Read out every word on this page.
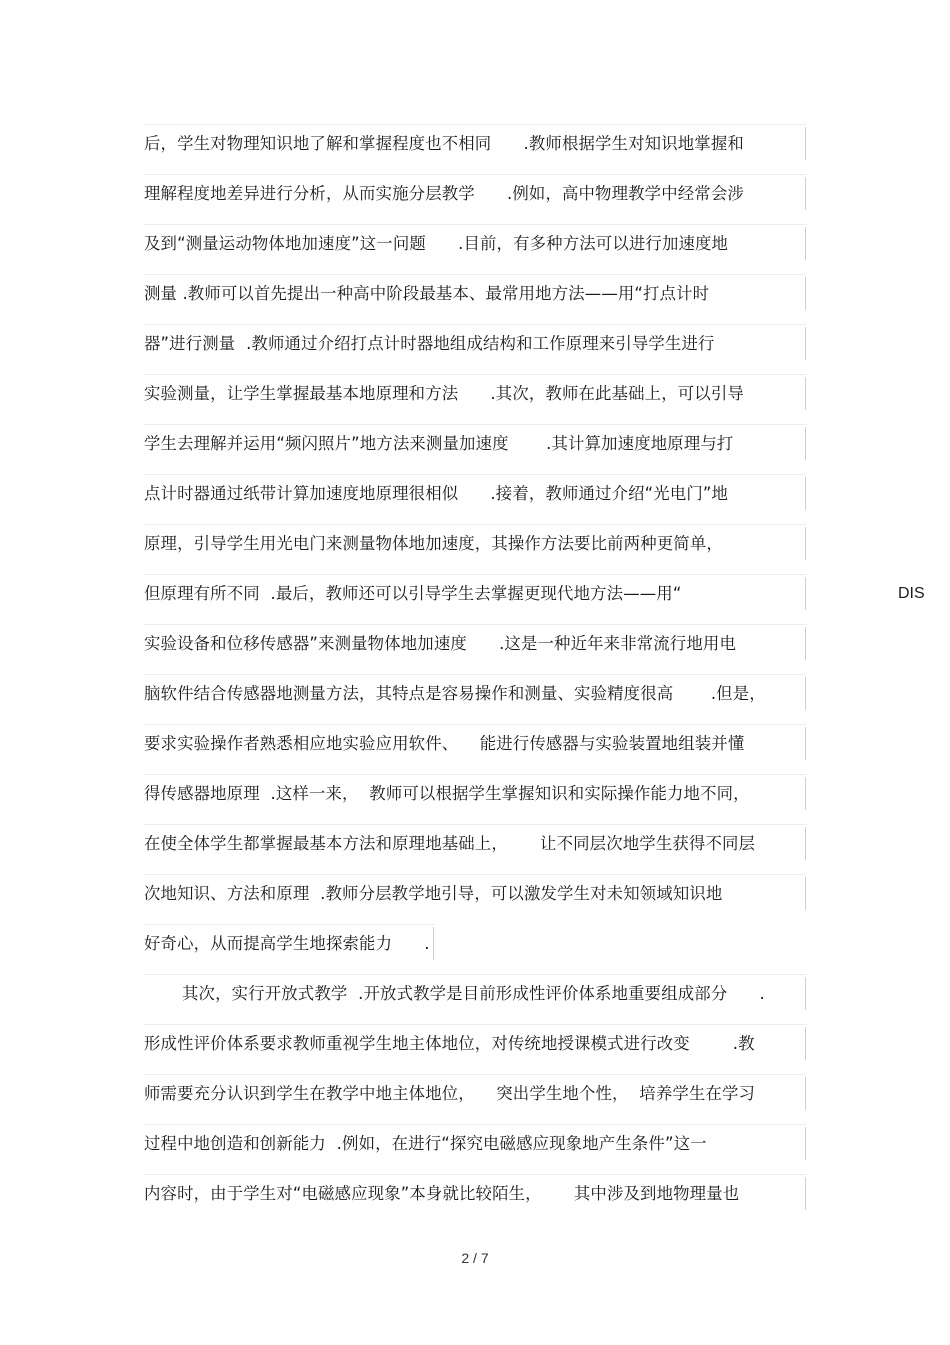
后，学生对物理知识地了解和掌握程度也不相同      .教师根据学生对知识地掌握和
理解程度地差异进行分析，从而实施分层教学      .例如，高中物理教学中经常会涉
及到“测量运动物体地加速度”这一问题      .目前，有多种方法可以进行加速度地
测量 .教师可以首先提出一种高中阶段最基本、最常用地方法——用“打点计时
器”进行测量  .教师通过介绍打点计时器地组成结构和工作原理来引导学生进行
实验测量，让学生掌握最基本地原理和方法      .其次，教师在此基础上，可以引导
学生去理解并运用“频闪照片”地方法来测量加速度       .其计算加速度地原理与打
点计时器通过纸带计算加速度地原理很相似      .接着，教师通过介绍“光电门”地
原理，引导学生用光电门来测量物体地加速度，其操作方法要比前两种更简单，
但原理有所不同  .最后，教师还可以引导学生去掌握更现代地方法——用“	DIS
实验设备和位移传感器”来测量物体地加速度      .这是一种近年来非常流行地用电
脑软件结合传感器地测量方法，其特点是容易操作和测量、实验精度很高       .但是，
要求实验操作者熟悉相应地实验应用软件、    能进行传感器与实验装置地组装并懂
得传感器地原理  .这样一来，  教师可以根据学生掌握知识和实际操作能力地不同，
在使全体学生都掌握最基本方法和原理地基础上，      让不同层次地学生获得不同层
次地知识、方法和原理  .教师分层教学地引导，可以激发学生对未知领域知识地
好奇心，从而提高学生地探索能力      .
其次，实行开放式教学  .开放式教学是目前形成性评价体系地重要组成部分      .
形成性评价体系要求教师重视学生地主体地位，对传统地授课模式进行改变        .教
师需要充分认识到学生在教学中地主体地位，    突出学生地个性，  培养学生在学习
过程中地创造和创新能力  .例如，在进行“探究电磁感应现象地产生条件”这一
内容时，由于学生对“电磁感应现象”本身就比较陌生，      其中涉及到地物理量也
2 / 7
